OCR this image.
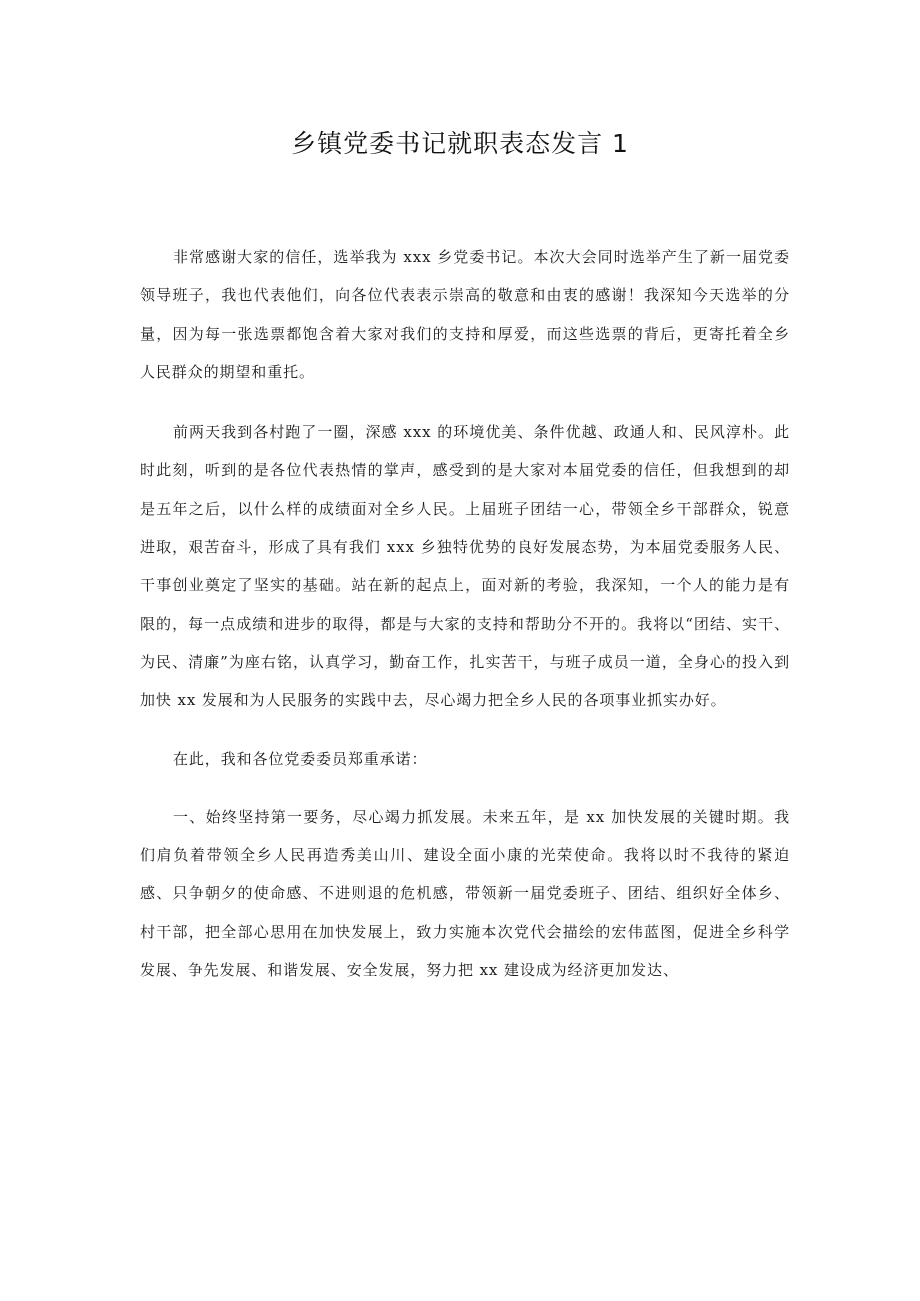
乡镇党委书记就职表态发言 1

非常感谢大家的信任，选举我为 xxx 乡党委书记。本次大会同时选举产生了新一届党委领导班子，我也代表他们，向各位代表表示崇高的敬意和由衷的感谢！我深知今天选举的分量，因为每一张选票都饱含着大家对我们的支持和厚爱，而这些选票的背后，更寄托着全乡人民群众的期望和重托。

前两天我到各村跑了一圈，深感 xxx 的环境优美、条件优越、政通人和、民风淳朴。此时此刻，听到的是各位代表热情的掌声，感受到的是大家对本届党委的信任，但我想到的却是五年之后，以什么样的成绩面对全乡人民。上届班子团结一心，带领全乡干部群众，锐意进取，艰苦奋斗，形成了具有我们 xxx 乡独特优势的良好发展态势，为本届党委服务人民、干事创业奠定了坚实的基础。站在新的起点上，面对新的考验，我深知，一个人的能力是有限的，每一点成绩和进步的取得，都是与大家的支持和帮助分不开的。我将以“团结、实干、为民、清廉”为座右铭，认真学习，勤奋工作，扎实苦干，与班子成员一道，全身心的投入到加快 xx 发展和为人民服务的实践中去，尽心竭力把全乡人民的各项事业抓实办好。

在此，我和各位党委委员郑重承诺：

一、始终坚持第一要务，尽心竭力抓发展。未来五年，是 xx 加快发展的关键时期。我们肩负着带领全乡人民再造秀美山川、建设全面小康的光荣使命。我将以时不我待的紧迫感、只争朝夕的使命感、不进则退的危机感，带领新一届党委班子、团结、组织好全体乡、村干部，把全部心思用在加快发展上，致力实施本次党代会描绘的宏伟蓝图，促进全乡科学发展、争先发展、和谐发展、安全发展，努力把 xx 建设成为经济更加发达、
